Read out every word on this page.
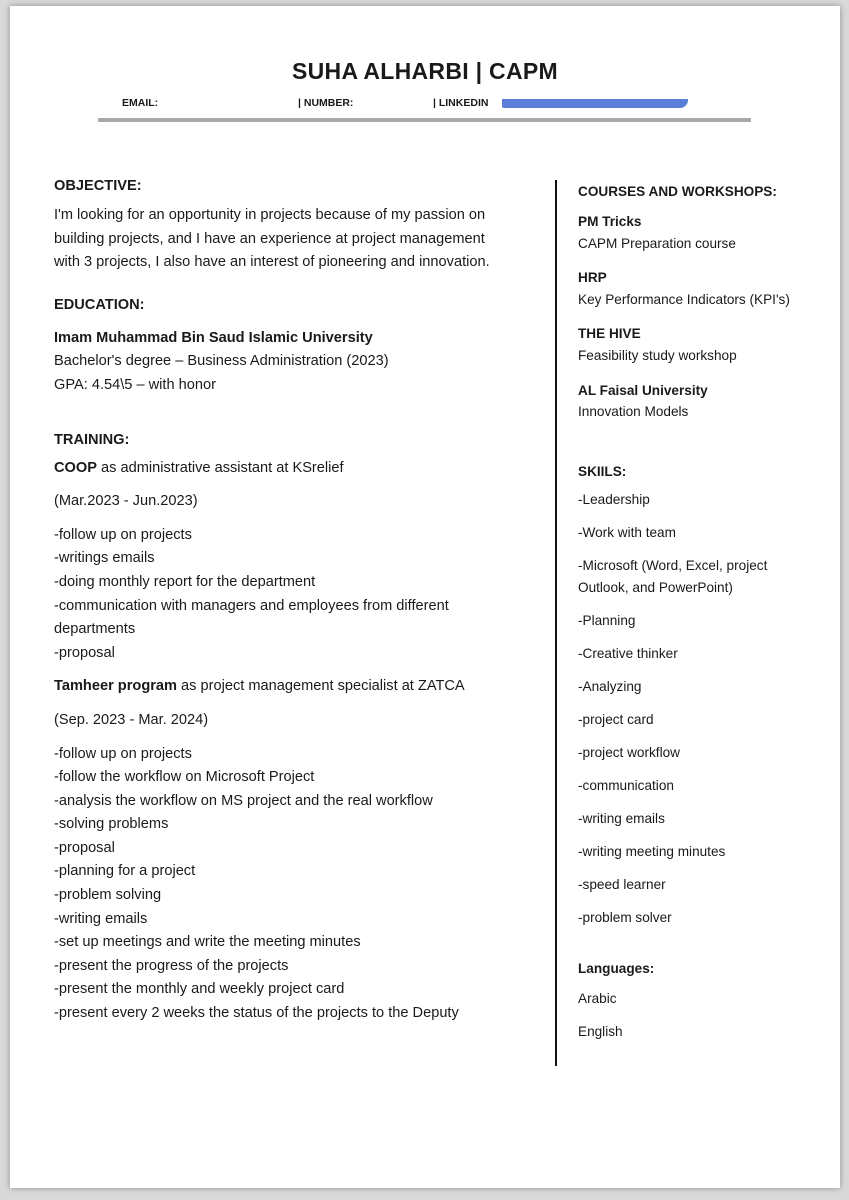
SUHA ALHARBI | CAPM
EMAIL:	| NUMBER:	| LINKEDIN
OBJECTIVE:
I'm looking for an opportunity in projects because of my passion on
building projects, and I have an experience at project management
with 3 projects, I also have an interest of pioneering and innovation.
EDUCATION:
Imam Muhammad Bin Saud Islamic University
Bachelor's degree – Business Administration (2023)
GPA: 4.54\5 – with honor
TRAINING:
COOP as administrative assistant at KSrelief
(Mar.2023 - Jun.2023)
-follow up on projects
-writings emails
-doing monthly report for the department
-communication with managers and employees from different
departments
-proposal
Tamheer program as project management specialist at ZATCA
(Sep. 2023 - Mar. 2024)
-follow up on projects
-follow the workflow on Microsoft Project
-analysis the workflow on MS project and the real workflow
-solving problems
-proposal
-planning for a project
-problem solving
-writing emails
-set up meetings and write the meeting minutes
-present the progress of the projects
-present the monthly and weekly project card
-present every 2 weeks the status of the projects to the Deputy
COURSES AND WORKSHOPS:
PM Tricks
CAPM Preparation course
HRP
Key Performance Indicators (KPI's)
THE HIVE
Feasibility study workshop
AL Faisal University
Innovation Models
SKIILS:
-Leadership
-Work with team
-Microsoft (Word, Excel, project
Outlook, and PowerPoint)
-Planning
-Creative thinker
-Analyzing
-project card
-project workflow
-communication
-writing emails
-writing meeting minutes
-speed learner
-problem solver
Languages:
Arabic
English
